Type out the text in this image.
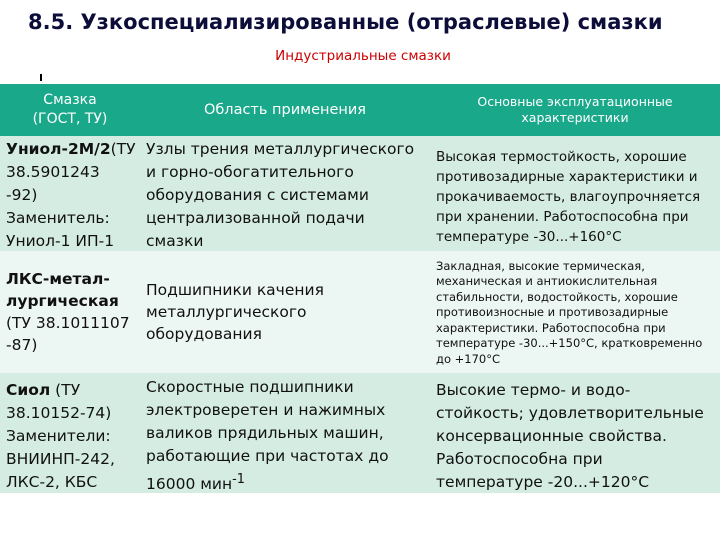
8.5. Узкоспециализированные (отраслевые) смазки
Индустриальные смазки
Смазка
(ГОСТ, ТУ)
Область применения
Основные эксплуатационные характеристики
Униол-2М/2(ТУ 38.5901243
-92)
Заменитель:
Униол-1 ИП-1
Узлы трения металлургического и горно-обогатительного оборудования с системами централизованной подачи смазки
Высокая термостойкость, хорошие противозадирные характеристики и прокачиваемость, влагоупрочняется при хранении. Работоспособна при температуре -30...+160°С
ЛКС-метал-
лургическая
(ТУ 38.1011107
-87)
Подшипники качения металлургического оборудования
Закладная, высокие термическая, механическая и антиокислительная стабильности, водостойкость, хорошие противоизносные и противозадирные характеристики. Работоспособна при температуре -30...+150°С, кратковременно до +170°С
Сиол (ТУ
38.10152-74)
Заменители:
ВНИИНП-242,
ЛКС-2, КБС
Скоростные подшипники электроверетен и нажимных валиков прядильных машин, работающие при частотах до 16000 мин$^{-1}$
Высокие термо- и водо-стойкость; удовлетворительные консервационные свойства. Работоспособна при температуре -20...+120°С
